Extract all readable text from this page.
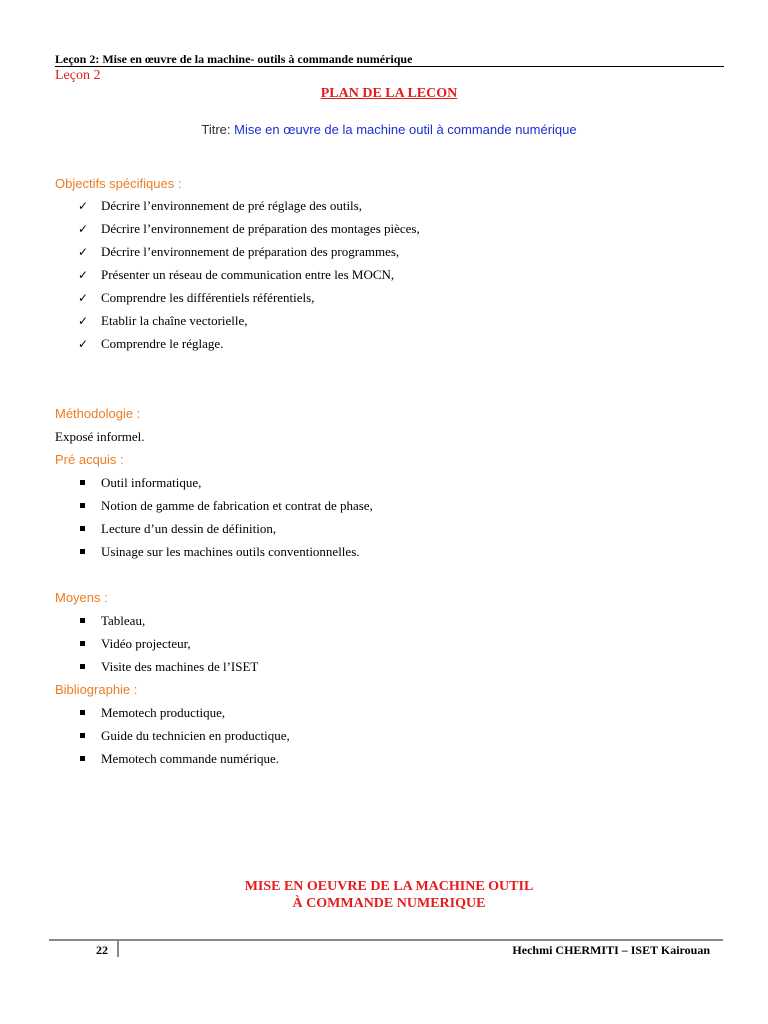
Leçon 2: Mise en œuvre de la machine- outils à commande numérique
Leçon 2
PLAN DE LA LECON
Titre: Mise en œuvre de la machine outil à commande numérique
Objectifs spécifiques :
✓ Décrire l’environnement de pré réglage des outils,
✓ Décrire l’environnement de préparation des montages pièces,
✓ Décrire l’environnement de préparation des programmes,
✓ Présenter un réseau de communication entre les MOCN,
✓ Comprendre les différentiels référentiels,
✓ Etablir la chaîne vectorielle,
✓ Comprendre le réglage.
Méthodologie :
Exposé informel.
Pré acquis :
Outil informatique,
Notion de gamme de fabrication et contrat de phase,
Lecture d’un dessin de définition,
Usinage sur les machines outils conventionnelles.
Moyens :
Tableau,
Vidéo projecteur,
Visite des machines de l’ISET
Bibliographie :
Memotech productique,
Guide du technicien en productique,
Memotech commande numérique.
MISE EN OEUVRE DE LA MACHINE OUTIL
À COMMANDE NUMERIQUE
22	Hechmi CHERMITI – ISET Kairouan
